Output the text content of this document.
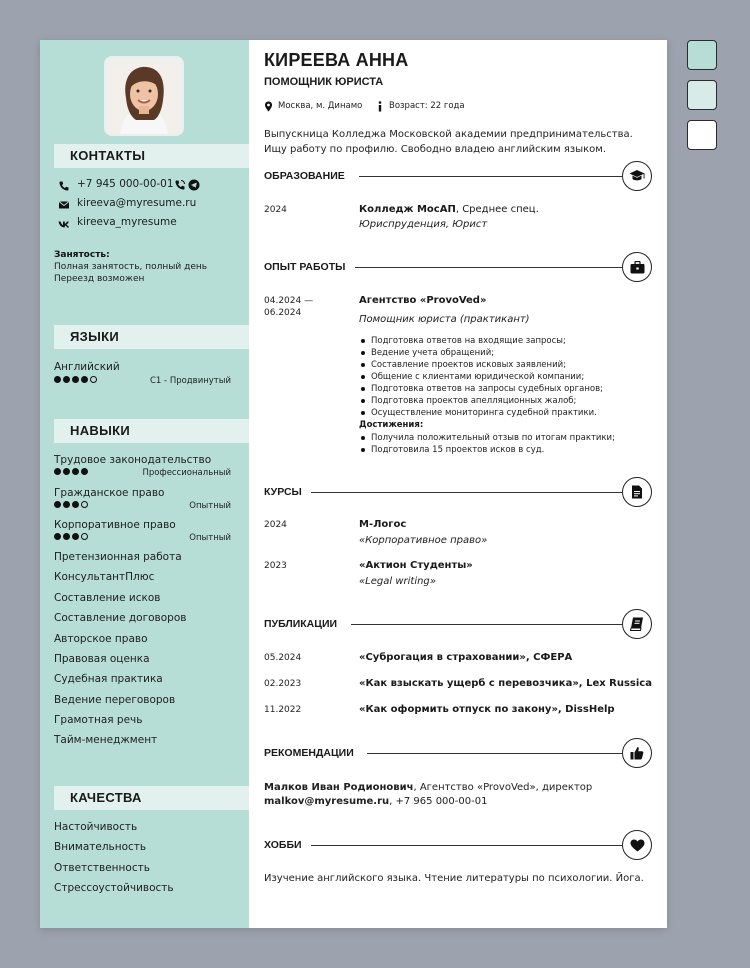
КОНТАКТЫ
+7 945 000-00-01
kireeva@myresume.ru
kireeva_myresume
Занятость:
Полная занятость, полный день
Переезд возможен
ЯЗЫКИ
Английский
C1 - Продвинутый
НАВЫКИ
Трудовое законодательство
Профессиональный
Гражданское право
Опытный
Корпоративное право
Опытный
Претензионная работа
КонсультантПлюс
Составление исков
Составление договоров
Авторское право
Правовая оценка
Судебная практика
Ведение переговоров
Грамотная речь
Тайм-менеджмент
КАЧЕСТВА
Настойчивость
Внимательность
Ответственность
Стрессоустойчивость
КИРЕЕВА АННА
ПОМОЩНИК ЮРИСТА
Москва, м. Динамо	Возраст: 22 года
Выпускница Колледжа Московской академии предпринимательства.
Ищу работу по профилю. Свободно владею английским языком.
ОБРАЗОВАНИЕ
2024	Колледж МосАП, Среднее спец.
Юриспруденция, Юрист
ОПЫТ РАБОТЫ
04.2024 —
06.2024
Агентство «ProvoVed»
Помощник юриста (практикант)
Подготовка ответов на входящие запросы;
Ведение учета обращений;
Составление проектов исковых заявлений;
Общение с клиентами юридической компании;
Подготовка ответов на запросы судебных органов;
Подготовка проектов апелляционных жалоб;
Осуществление мониторинга судебной практики.
Достижения:
Получила положительный отзыв по итогам практики;
Подготовила 15 проектов исков в суд.
КУРСЫ
2024	М-Логос
«Корпоративное право»
2023	«Актион Студенты»
«Legal writing»
ПУБЛИКАЦИИ
05.2024	«Суброгация в страховании», СФЕРА
02.2023	«Как взыскать ущерб с перевозчика», Lex Russica
11.2022	«Как оформить отпуск по закону», DissHelp
РЕКОМЕНДАЦИИ
Малков Иван Родионович, Агентство «ProvoVed», директор
malkov@myresume.ru, +7 965 000-00-01
ХОББИ
Изучение английского языка. Чтение литературы по психологии. Йога.
